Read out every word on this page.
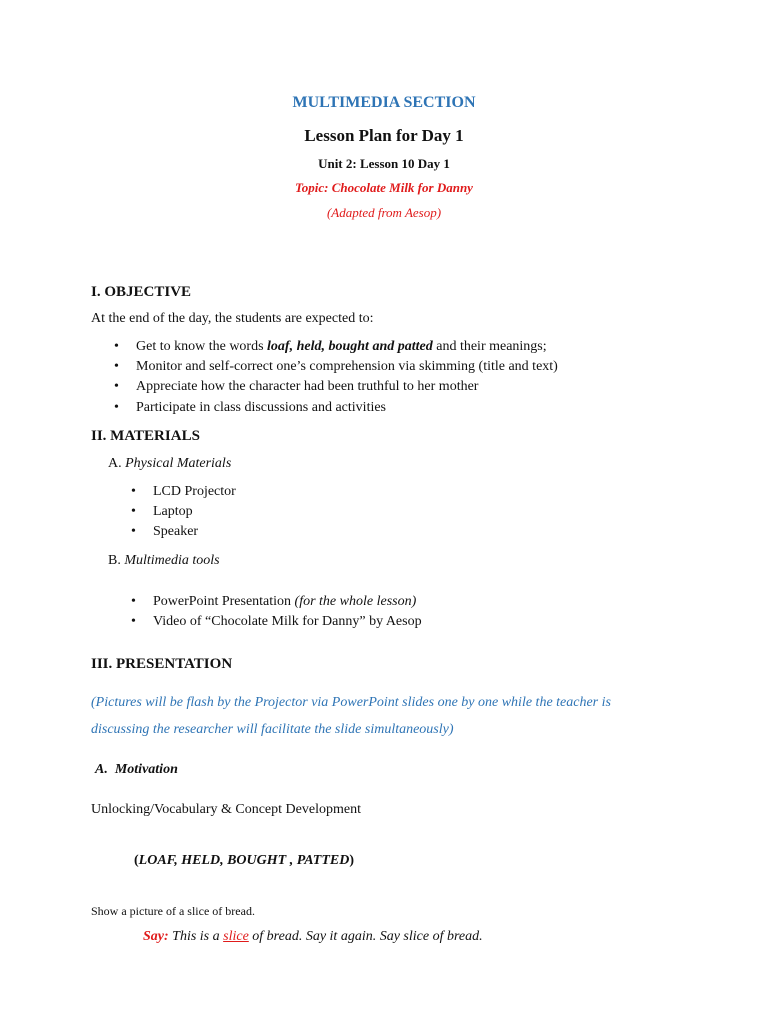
MULTIMEDIA SECTION
Lesson Plan for Day 1
Unit 2: Lesson 10 Day 1
Topic: Chocolate Milk for Danny
(Adapted from Aesop)
I. OBJECTIVE
At the end of the day, the students are expected to:
• Get to know the words loaf, held, bought and patted and their meanings;
• Monitor and self-correct one’s comprehension via skimming (title and text)
• Appreciate how the character had been truthful to her mother
• Participate in class discussions and activities
II. MATERIALS
A. Physical Materials
• LCD Projector
• Laptop
• Speaker
B. Multimedia tools
• PowerPoint Presentation (for the whole lesson)
• Video of “Chocolate Milk for Danny” by Aesop
III. PRESENTATION
(Pictures will be flash by the Projector via PowerPoint slides one by one while the teacher is
discussing the researcher will facilitate the slide simultaneously)
A. Motivation
Unlocking/Vocabulary & Concept Development
(LOAF, HELD, BOUGHT , PATTED)
Show a picture of a slice of bread.
Say: This is a slice of bread. Say it again. Say slice of bread.
